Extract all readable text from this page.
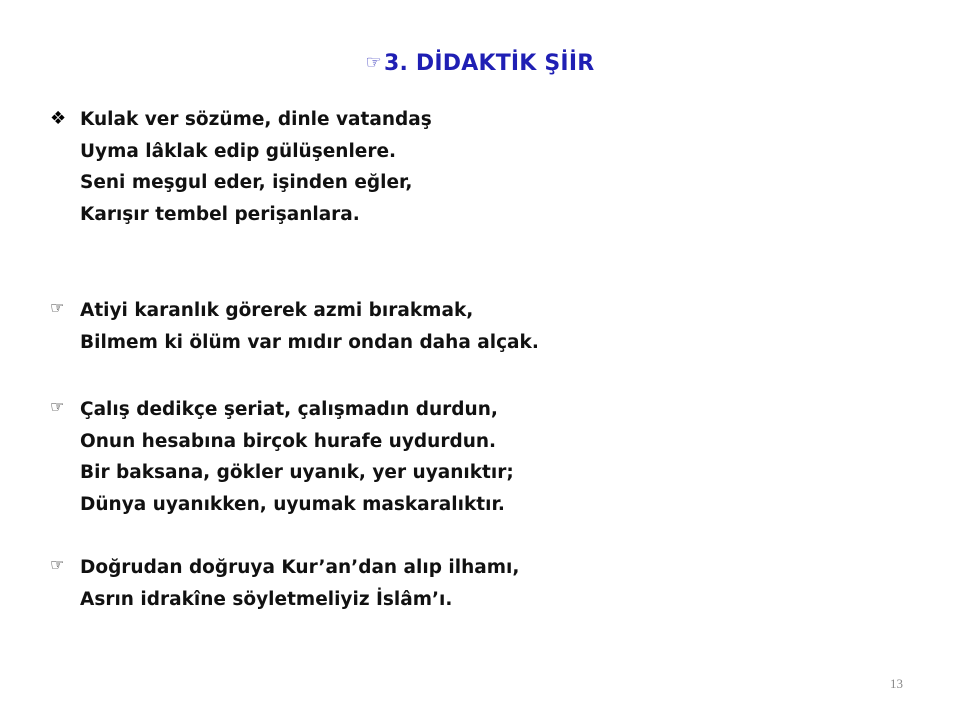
☞3. DİDAKTİK ŞİİR
❖ Kulak ver sözüme, dinle vatandaş
Uyma lâklak edip gülüşenlere.
Seni meşgul eder, işinden eğler,
Karışır tembel perişanlara.
☞ Atiyi karanlık görerek azmi bırakmak,
Bilmem ki ölüm var mıdır ondan daha alçak.
☞ Çalış dedikçe şeriat, çalışmadın durdun,
Onun hesabına birçok hurafe uydurdun.
Bir baksana, gökler uyanık, yer uyanıktır;
Dünya uyanıkken, uyumak maskaralıktır.
☞ Doğrudan doğruya Kur’an’dan alıp ilhamı,
Asrın idrakîne söyletmeliyiz İslâm’ı.
13
